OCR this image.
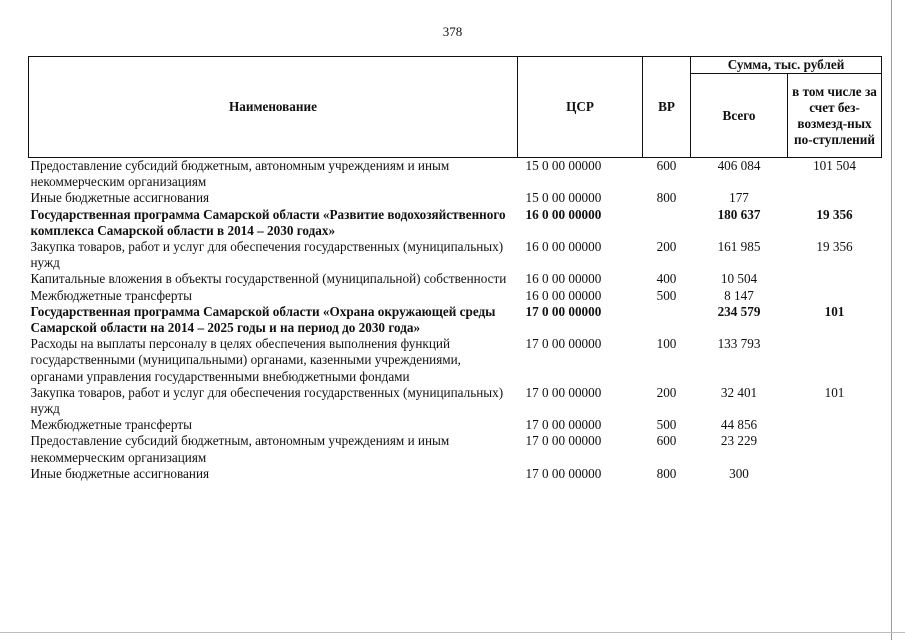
378
Наименование	ЦСР	ВР	Сумма, тыс. рублей	
			Всего	в том числе за счет без-возмезд-ных по-ступлений
Предоставление субсидий бюджетным, автономным учреждениям и иным некоммерческим организациям	15 0 00 00000	600	406 084	101 504
Иные бюджетные ассигнования	15 0 00 00000	800	177	
Государственная программа Самарской области «Развитие водохозяйственного комплекса Самарской области в 2014 – 2030 годах»	16 0 00 00000		180 637	19 356
Закупка товаров, работ и услуг для обеспечения государственных (муниципальных) нужд	16 0 00 00000	200	161 985	19 356
Капитальные вложения в объекты государственной (муниципальной) собственности	16 0 00 00000	400	10 504	
Межбюджетные трансферты	16 0 00 00000	500	8 147	
Государственная программа Самарской области «Охрана окружающей среды Самарской области на 2014 – 2025 годы и на период до 2030 года»	17 0 00 00000		234 579	101
Расходы на выплаты персоналу в целях обеспечения выполнения функций государственными (муниципальными) органами, казенными учреждениями, органами управления государственными внебюджетными фондами	17 0 00 00000	100	133 793	
Закупка товаров, работ и услуг для обеспечения государственных (муниципальных) нужд	17 0 00 00000	200	32 401	101
Межбюджетные трансферты	17 0 00 00000	500	44 856	
Предоставление субсидий бюджетным, автономным учреждениям и иным некоммерческим организациям	17 0 00 00000	600	23 229	
Иные бюджетные ассигнования	17 0 00 00000	800	300	
